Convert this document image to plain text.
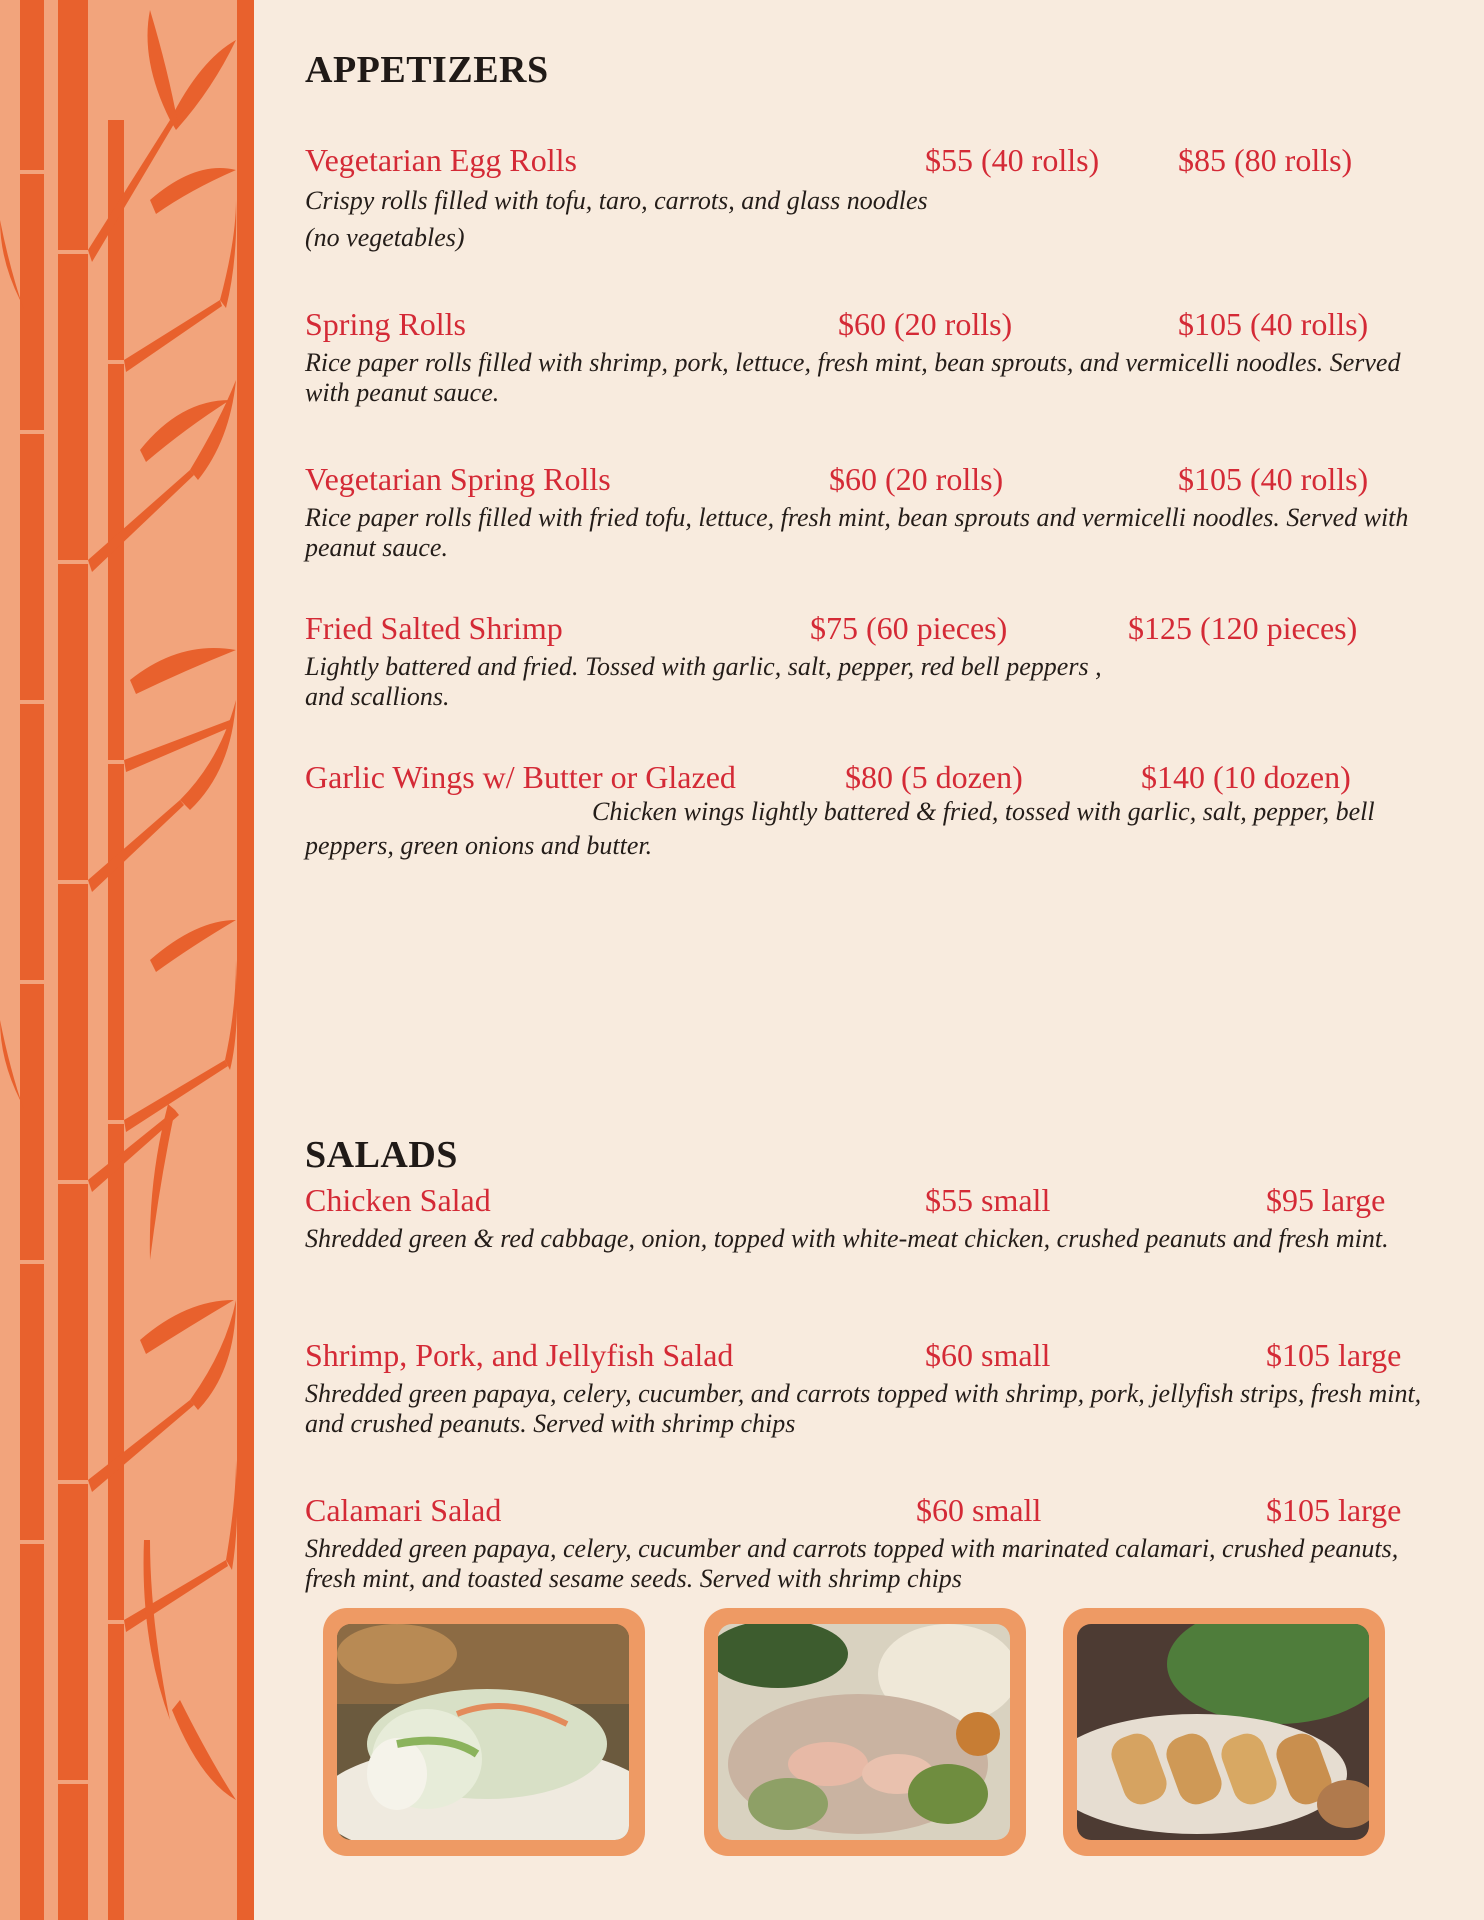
APPETIZERS
Vegetarian Egg Rolls	$55 (40 rolls) $85 (80 rolls)
Crispy rolls filled with tofu, taro, carrots, and glass noodles
(no vegetables)
Spring Rolls	$60 (20 rolls)	$105 (40 rolls)
Rice paper rolls filled with shrimp, pork, lettuce, fresh mint, bean sprouts, and vermicelli noodles. Served with peanut sauce.
Vegetarian Spring Rolls	$60 (20 rolls)	$105 (40 rolls)
Rice paper rolls filled with fried tofu, lettuce, fresh mint, bean sprouts and vermicelli noodles. Served with peanut sauce.
Fried Salted Shrimp	$75 (60 pieces)	$125 (120 pieces)
Lightly battered and fried. Tossed with garlic, salt, pepper, red bell peppers , and scallions.
Garlic Wings w/ Butter or Glazed	$80 (5 dozen)	$140 (10 dozen)
Chicken wings lightly battered & fried, tossed with garlic, salt, pepper, bell peppers, green onions and butter.
SALADS
Chicken Salad	$55 small	$95 large
Shredded green & red cabbage, onion, topped with white-meat chicken, crushed peanuts and fresh mint.
Shrimp, Pork, and Jellyfish Salad	$60 small	$105 large
Shredded green papaya, celery, cucumber, and carrots topped with shrimp, pork, jellyfish strips, fresh mint, and crushed peanuts. Served with shrimp chips
Calamari Salad	$60 small	$105 large
Shredded green papaya, celery, cucumber and carrots topped with marinated calamari, crushed peanuts, fresh mint, and toasted sesame seeds. Served with shrimp chips
